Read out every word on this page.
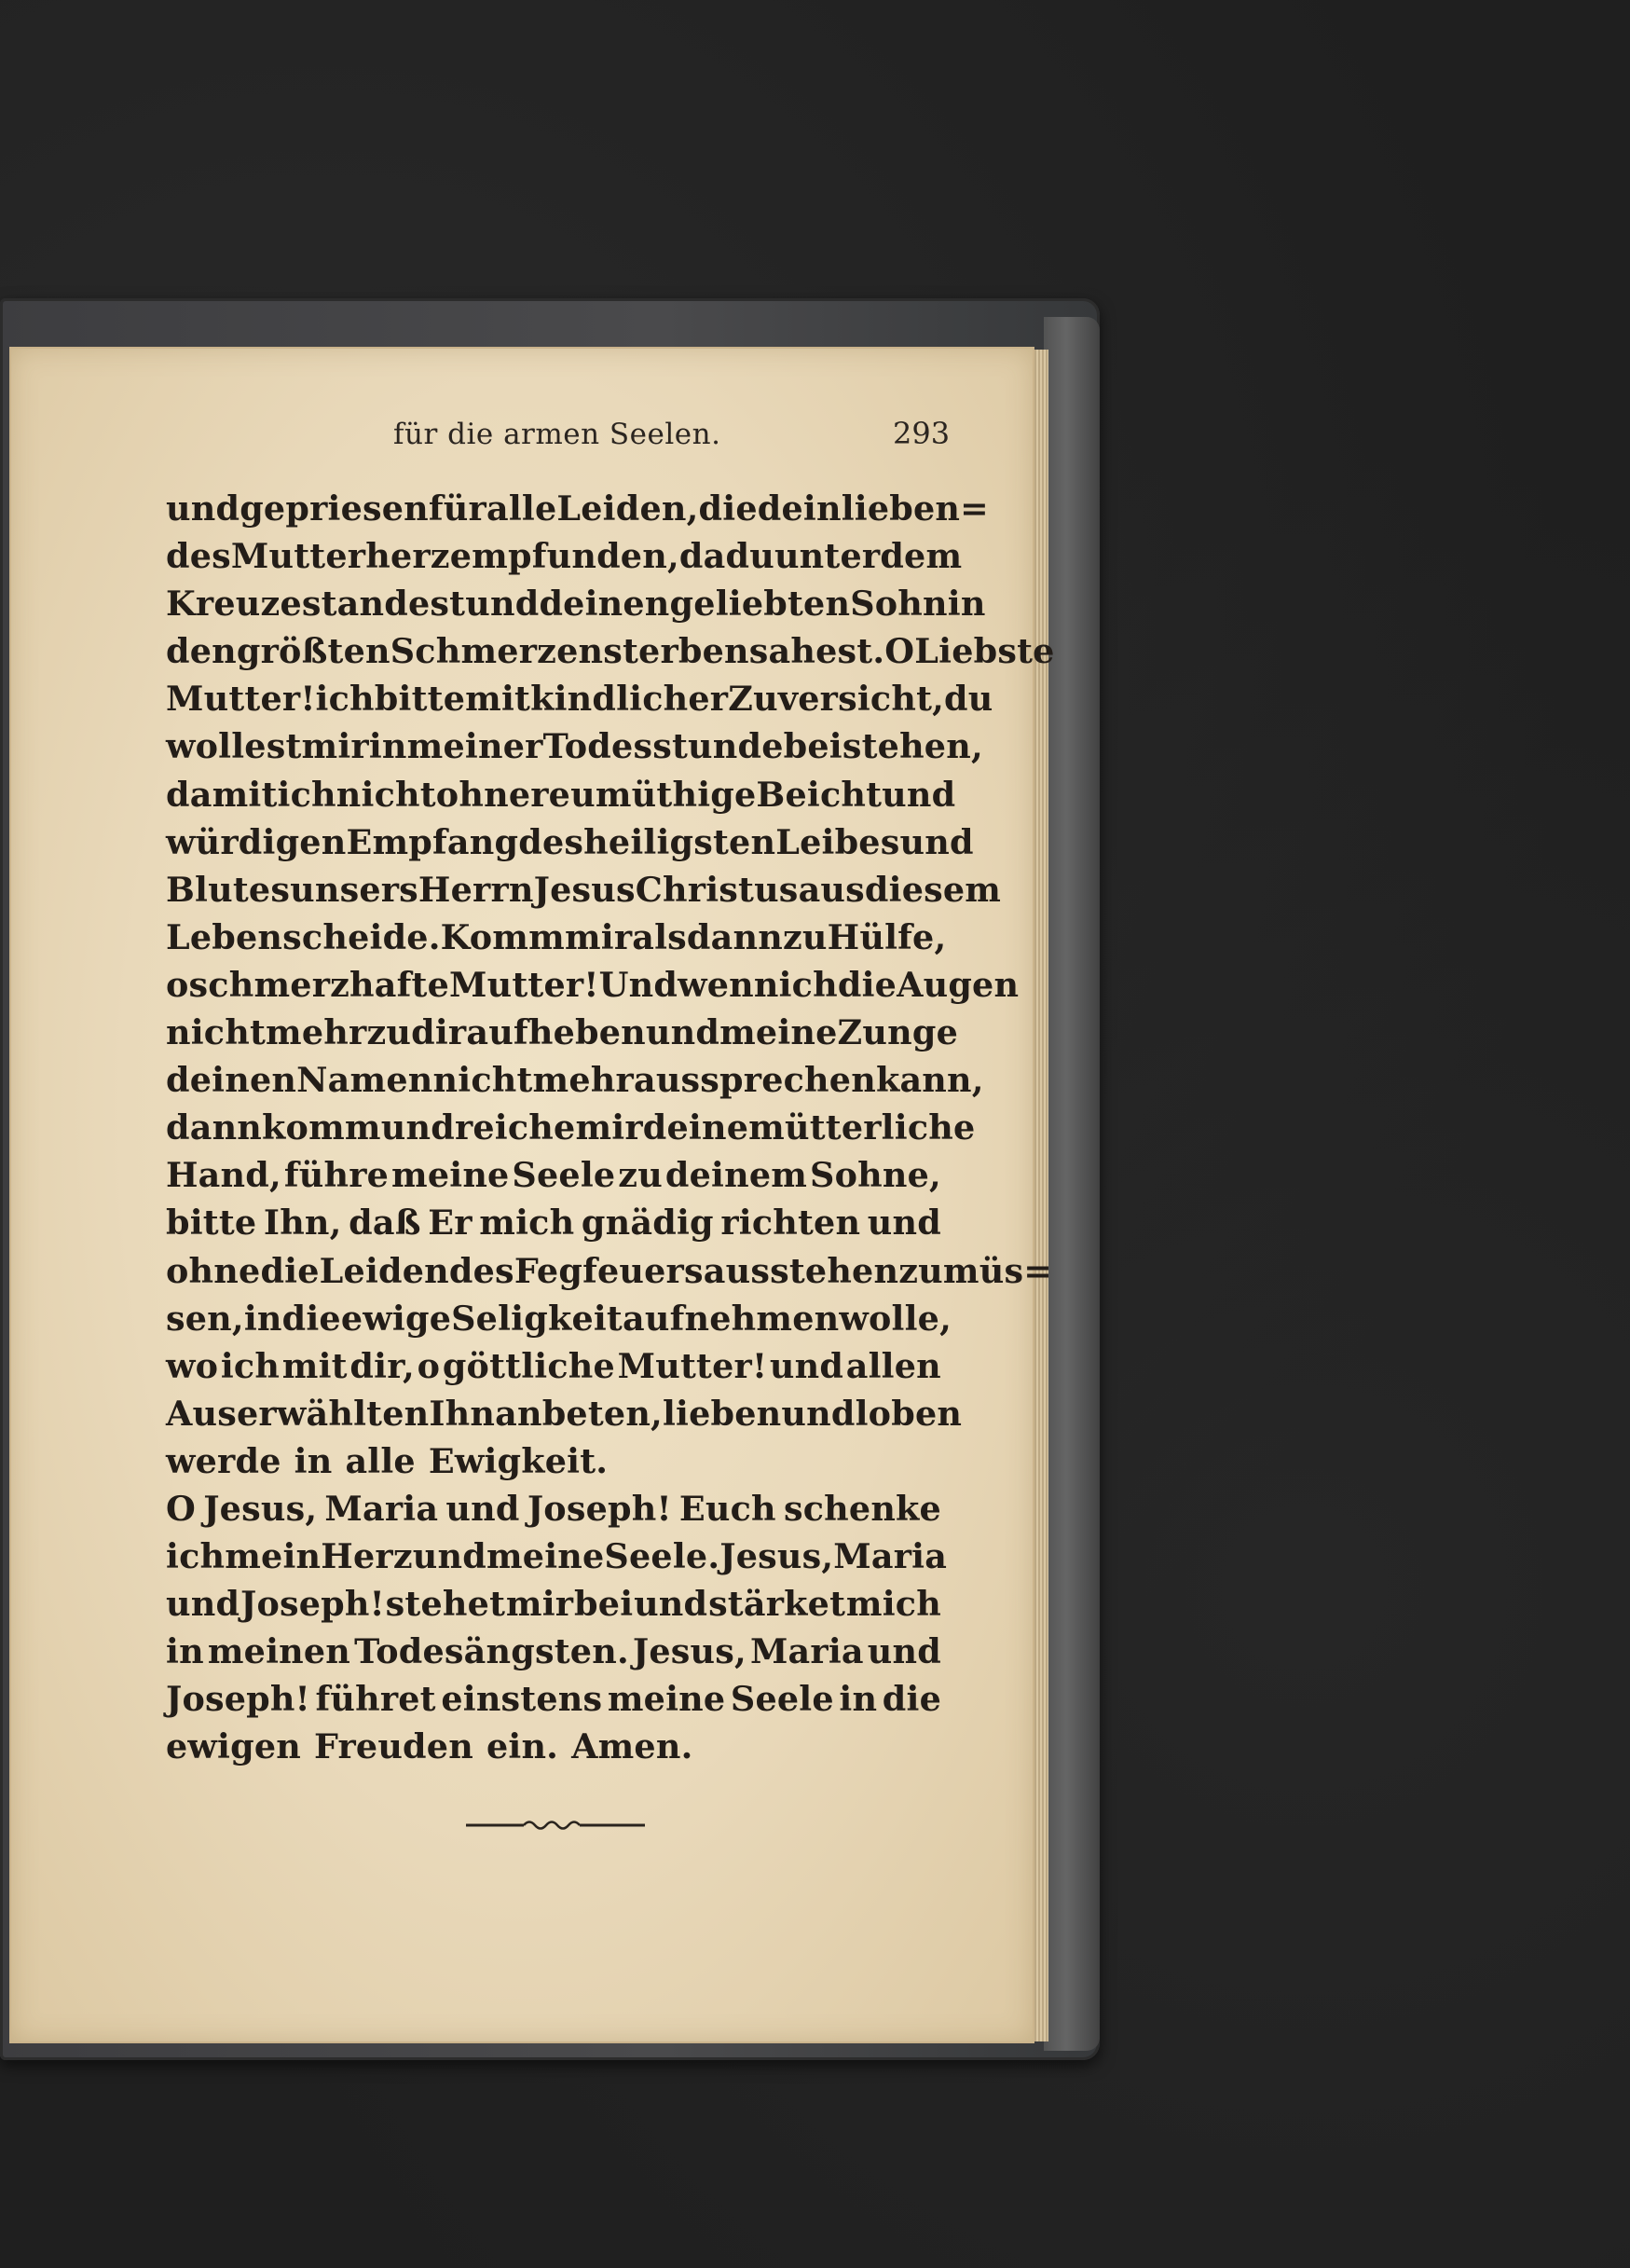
für die armen Seelen.	293
und gepriesen für alle Leiden, die dein lieben=
des Mutterherz empfunden, da du unter dem
Kreuze standest und deinen geliebten Sohn in
den größten Schmerzen sterben sahest. O Liebste
Mutter! ich bitte mit kindlicher Zuversicht, du
wollest mir in meiner Todesstunde beistehen,
damit ich nicht ohne reumüthige Beicht und
würdigen Empfang des heiligsten Leibes und
Blutes unsers Herrn Jesus Christus aus diesem
Leben scheide. Komm mir alsdann zu Hülfe,
o schmerzhafte Mutter! Und wenn ich die Augen
nicht mehr zu dir aufheben und meine Zunge
deinen Namen nicht mehr aussprechen kann,
dann komm und reiche mir deine mütterliche
Hand, führe meine Seele zu deinem Sohne,
bitte Ihn, daß Er mich gnädig richten und
ohne die Leiden des Fegfeuers ausstehen zu müs=
sen, in die ewige Seligkeit aufnehmen wolle,
wo ich mit dir, o göttliche Mutter! und allen
Auserwählten Ihn anbeten, lieben und loben
werde in alle Ewigkeit.
O Jesus, Maria und Joseph! Euch schenke
ich mein Herz und meine Seele. Jesus, Maria
und Joseph! stehet mir bei und stärket mich
in meinen Todesängsten. Jesus, Maria und
Joseph! führet einstens meine Seele in die
ewigen Freuden ein. Amen.
